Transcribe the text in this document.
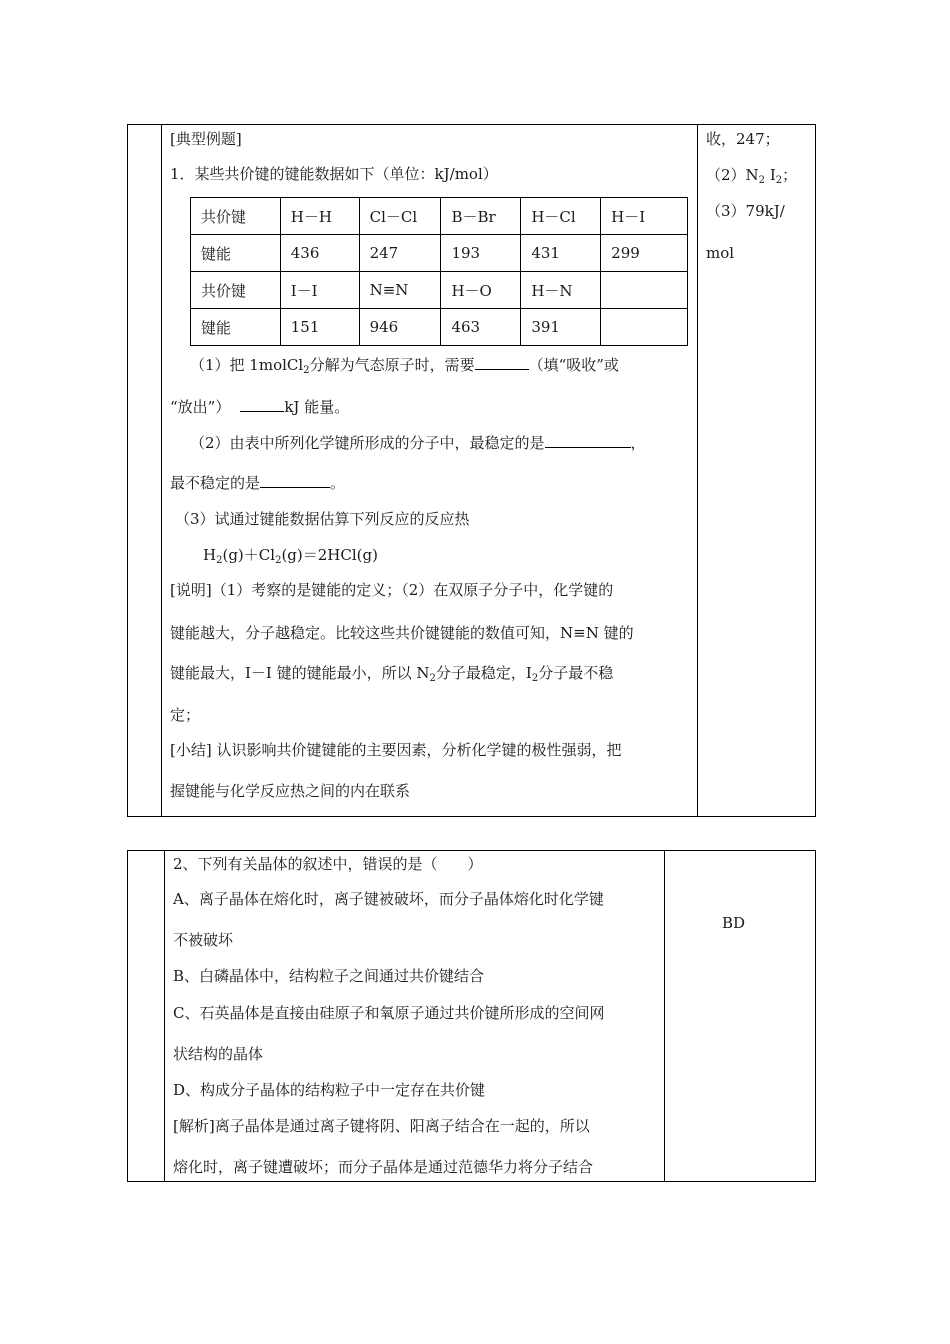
[典型例题]
1．某些共价键的键能数据如下（单位：kJ/mol）
共价键	H－H	Cl－Cl	B－Br	H－Cl	H－I
键能	436	247	193	431	299
共价键	I－I	N≡N	H－O	H－N	
键能	151	946	463	391	
（1）把 1molCl$_2$分解为气态原子时，需要	（填“吸收”或
“放出”）	kJ 能量。
（2）由表中所列化学键所形成的分子中，最稳定的是	，
最不稳定的是	。
（3）试通过键能数据估算下列反应的反应热
$H_2(g)+Cl_2(g)=2HCl(g)$
[说明]（1）考察的是键能的定义；（2）在双原子分子中，化学键的
键能越大，分子越稳定。比较这些共价键键能的数值可知，N≡N 键的
键能最大，I－I 键的键能最小，所以 $N_2$分子最稳定，$I_2$分子最不稳
定；
[小结] 认识影响共价键键能的主要因素，分析化学键的极性强弱，把
握键能与化学反应热之间的内在联系
收，247；
$(2)N_2$ $I_2$；
（3）79kJ/
mol
2、下列有关晶体的叙述中，错误的是（　　）
A、离子晶体在熔化时，离子键被破坏，而分子晶体熔化时化学键
不被破坏
B、白磷晶体中，结构粒子之间通过共价键结合
C、石英晶体是直接由硅原子和氧原子通过共价键所形成的空间网
状结构的晶体
D、构成分子晶体的结构粒子中一定存在共价键
[解析]离子晶体是通过离子键将阴、阳离子结合在一起的，所以
熔化时，离子键遭破坏；而分子晶体是通过范德华力将分子结合
BD
